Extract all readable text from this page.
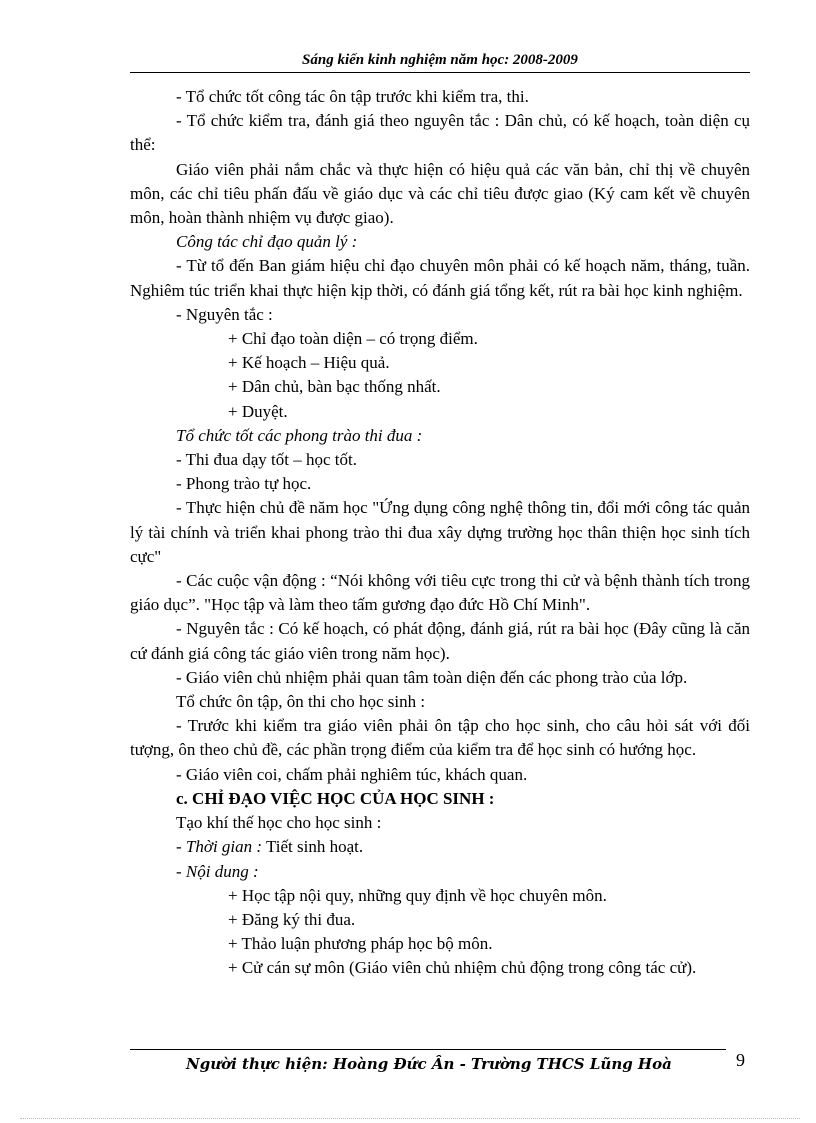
Sáng kiến kinh nghiệm năm học: 2008-2009

- Tổ chức tốt công tác ôn tập trước khi kiểm tra, thi.

- Tổ chức kiểm tra, đánh giá theo nguyên tắc : Dân chủ, có kế hoạch, toàn diện cụ thể:

Giáo viên phải nắm chắc và thực hiện có hiệu quả các văn bản, chỉ thị về chuyên môn, các chỉ tiêu phấn đấu về giáo dục và các chỉ tiêu được giao (Ký cam kết về chuyên môn, hoàn thành nhiệm vụ được giao).

Công tác chỉ đạo quản lý :

- Từ tổ đến Ban giám hiệu chỉ đạo chuyên môn phải có kế hoạch năm, tháng, tuần. Nghiêm túc triển khai thực hiện kịp thời, có đánh giá tổng kết, rút ra bài học kinh nghiệm.

- Nguyên tắc :

+ Chỉ đạo toàn diện – có trọng điểm.

+ Kế hoạch – Hiệu quả.

+ Dân chủ, bàn bạc thống nhất.

+ Duyệt.

Tổ chức tốt các phong trào thi đua :

- Thi đua dạy tốt – học tốt.

- Phong trào tự học.

- Thực hiện chủ đề năm học "Ứng dụng công nghệ thông tin, đổi mới công tác quản lý tài chính và triển khai phong trào thi đua xây dựng trường học thân thiện học sinh tích cực"

- Các cuộc vận động : “Nói không với tiêu cực trong thi cử và bệnh thành tích trong giáo dục”. "Học tập và làm theo tấm gương đạo đức Hồ Chí Minh".

- Nguyên tắc : Có kế hoạch, có phát động, đánh giá, rút ra bài học (Đây cũng là căn cứ đánh giá công tác giáo viên trong năm học).

- Giáo viên chủ nhiệm phải quan tâm toàn diện đến các phong trào của lớp.

Tổ chức ôn tập, ôn thi cho học sinh :

- Trước khi kiểm tra giáo viên phải ôn tập cho học sinh, cho câu hỏi sát với đối tượng, ôn theo chủ đề, các phần trọng điểm của kiểm tra để học sinh có hướng học.

- Giáo viên coi, chấm phải nghiêm túc, khách quan.

c. CHỈ ĐẠO VIỆC HỌC CỦA HỌC SINH :

Tạo khí thế học cho học sinh :

- Thời gian : Tiết sinh hoạt.

- Nội dung :

+ Học tập nội quy, những quy định về học chuyên môn.

+ Đăng ký thi đua.

+ Thảo luận phương pháp học bộ môn.

+ Cử cán sự môn (Giáo viên chủ nhiệm chủ động trong công tác cử).

Người thực hiện: Hoàng Đức Ân - Trường THCS Lũng Hoà	9
